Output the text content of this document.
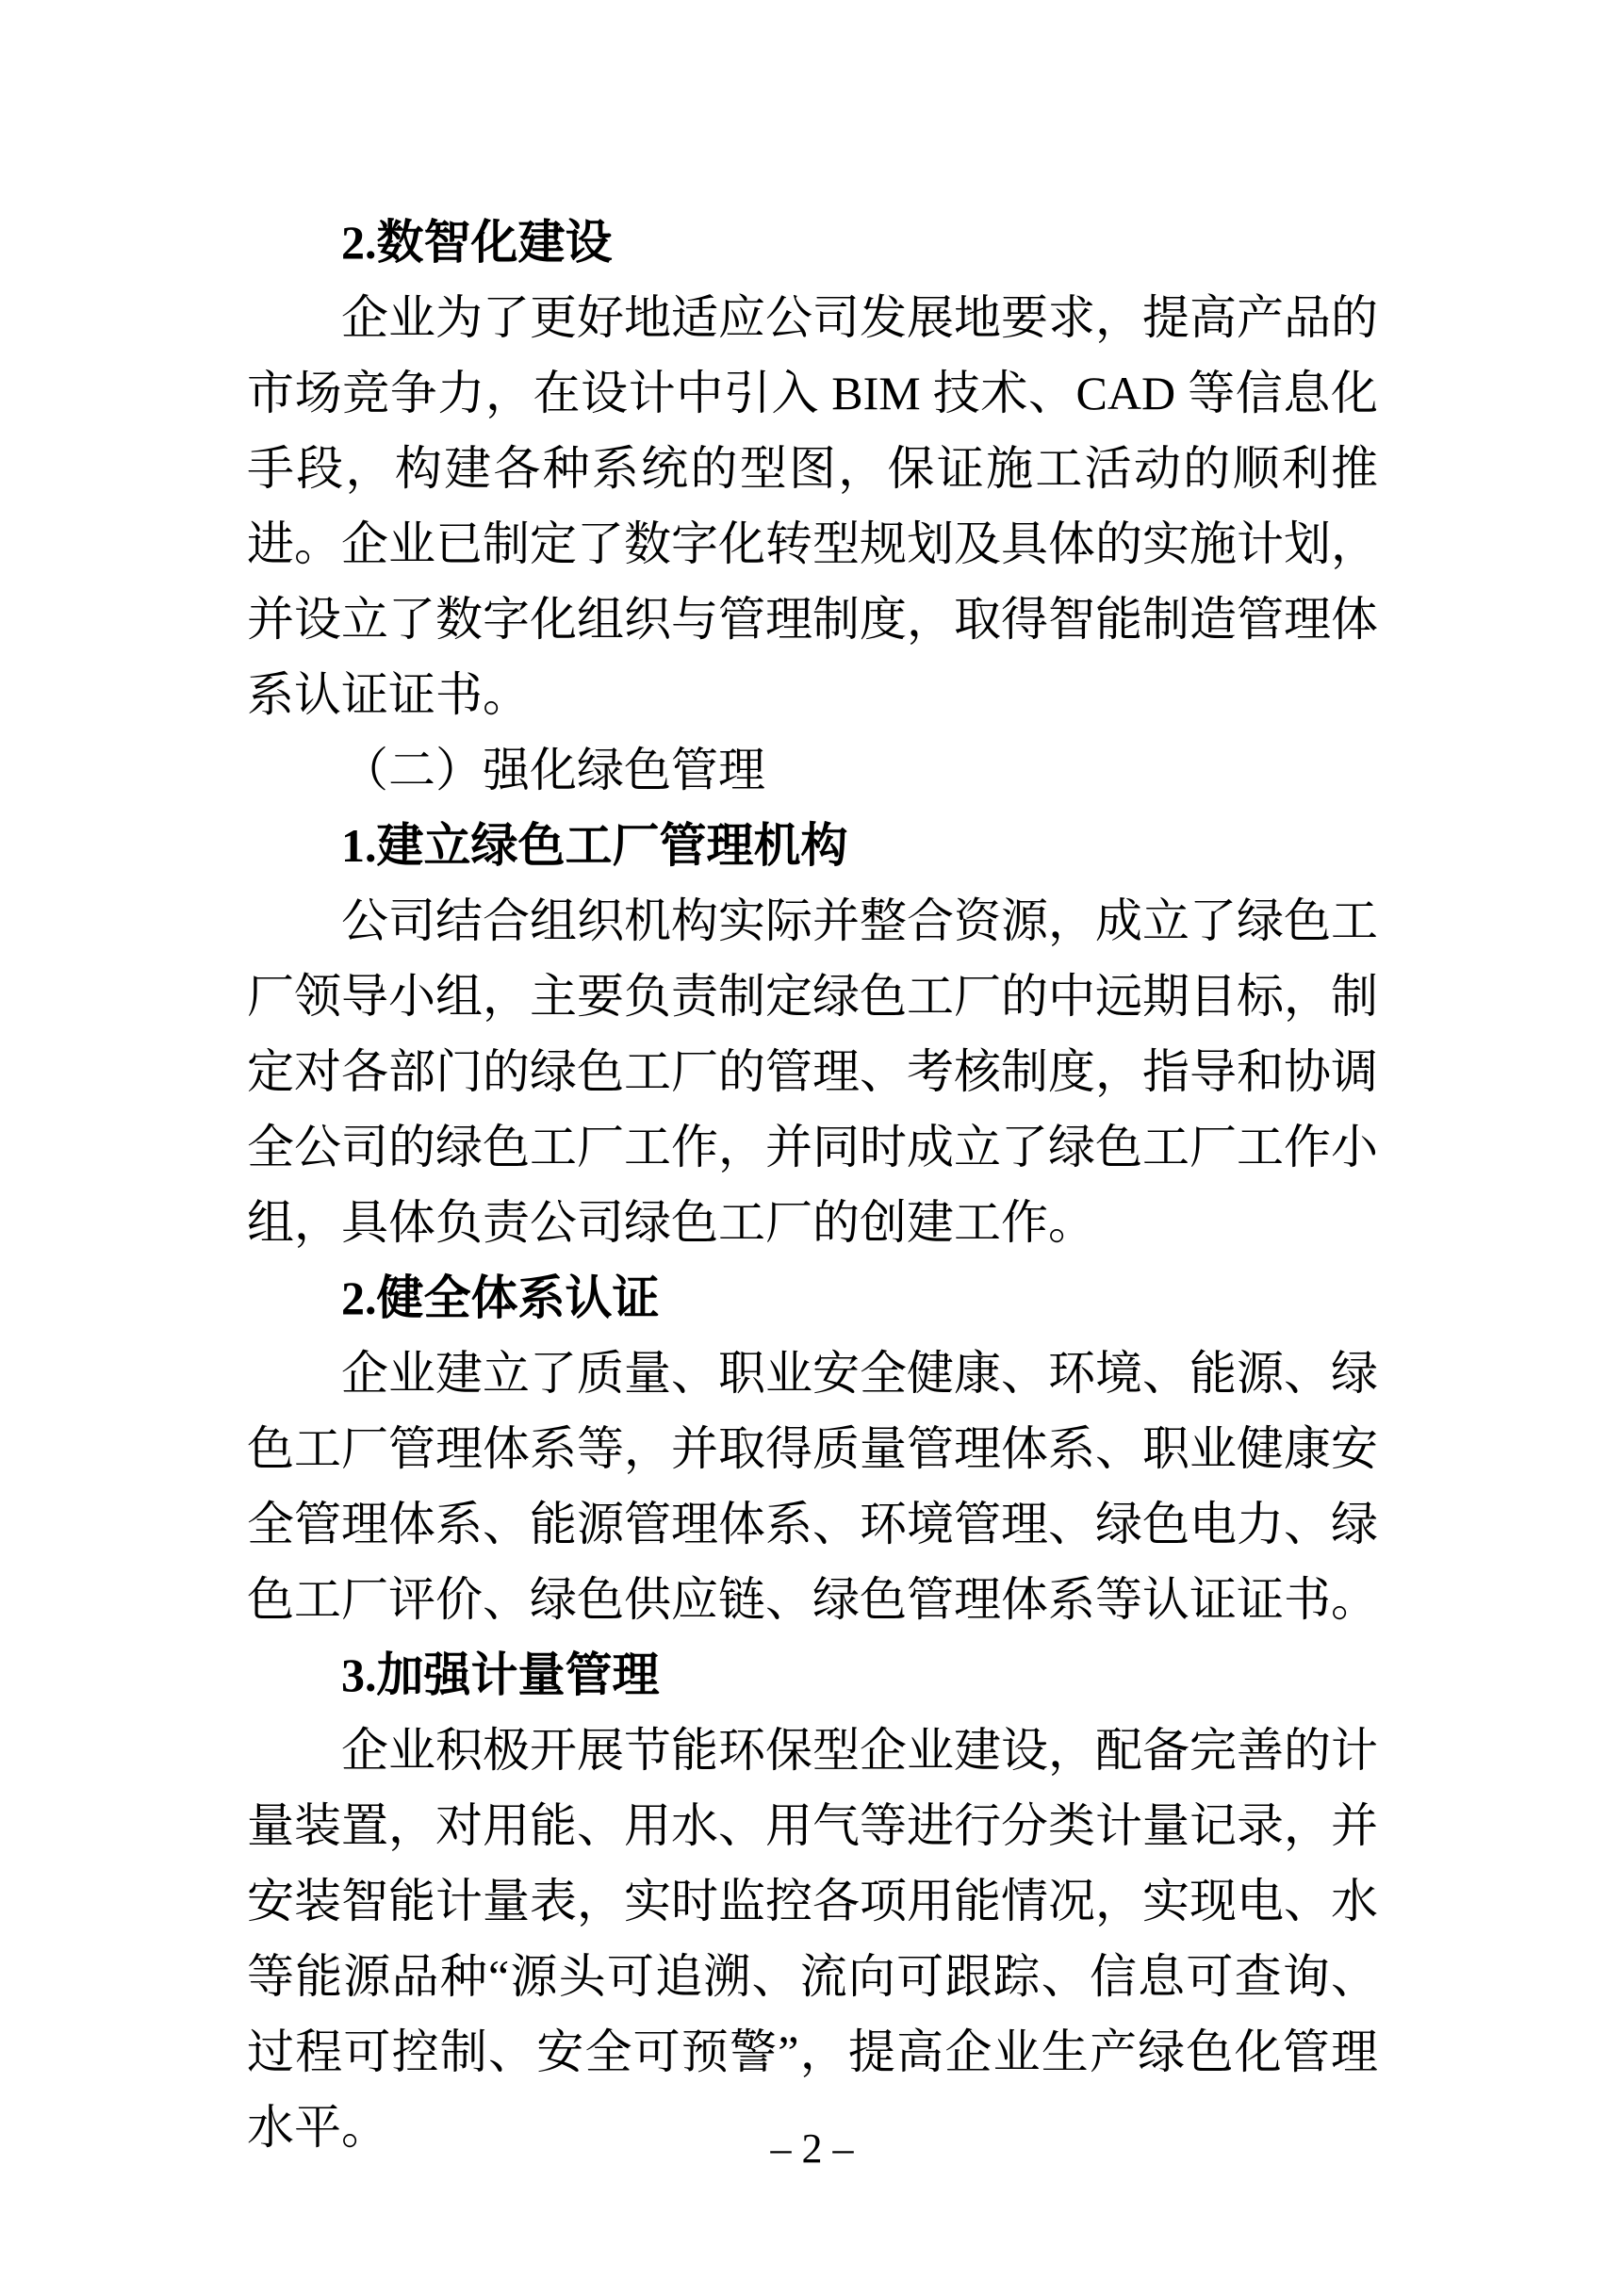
2.数智化建设

企业为了更好地适应公司发展地要求，提高产品的市场竞争力，在设计中引入 BIM 技术、CAD 等信息化手段，构建各种系统的型图，保证施工活动的顺利推进。企业已制定了数字化转型规划及具体的实施计划，并设立了数字化组织与管理制度，取得智能制造管理体系认证证书。

（二）强化绿色管理

1.建立绿色工厂管理机构

公司结合组织机构实际并整合资源，成立了绿色工厂领导小组，主要负责制定绿色工厂的中远期目标，制定对各部门的绿色工厂的管理、考核制度，指导和协调全公司的绿色工厂工作，并同时成立了绿色工厂工作小组，具体负责公司绿色工厂的创建工作。

2.健全体系认证

企业建立了质量、职业安全健康、环境、能源、绿色工厂管理体系等，并取得质量管理体系、职业健康安全管理体系、能源管理体系、环境管理、绿色电力、绿色工厂评价、绿色供应链、绿色管理体系等认证证书。

3.加强计量管理

企业积极开展节能环保型企业建设，配备完善的计量装置，对用能、用水、用气等进行分类计量记录，并安装智能计量表，实时监控各项用能情况，实现电、水等能源品种“源头可追溯、流向可跟踪、信息可查询、过程可控制、安全可预警”，提高企业生产绿色化管理水平。	– 2 –
